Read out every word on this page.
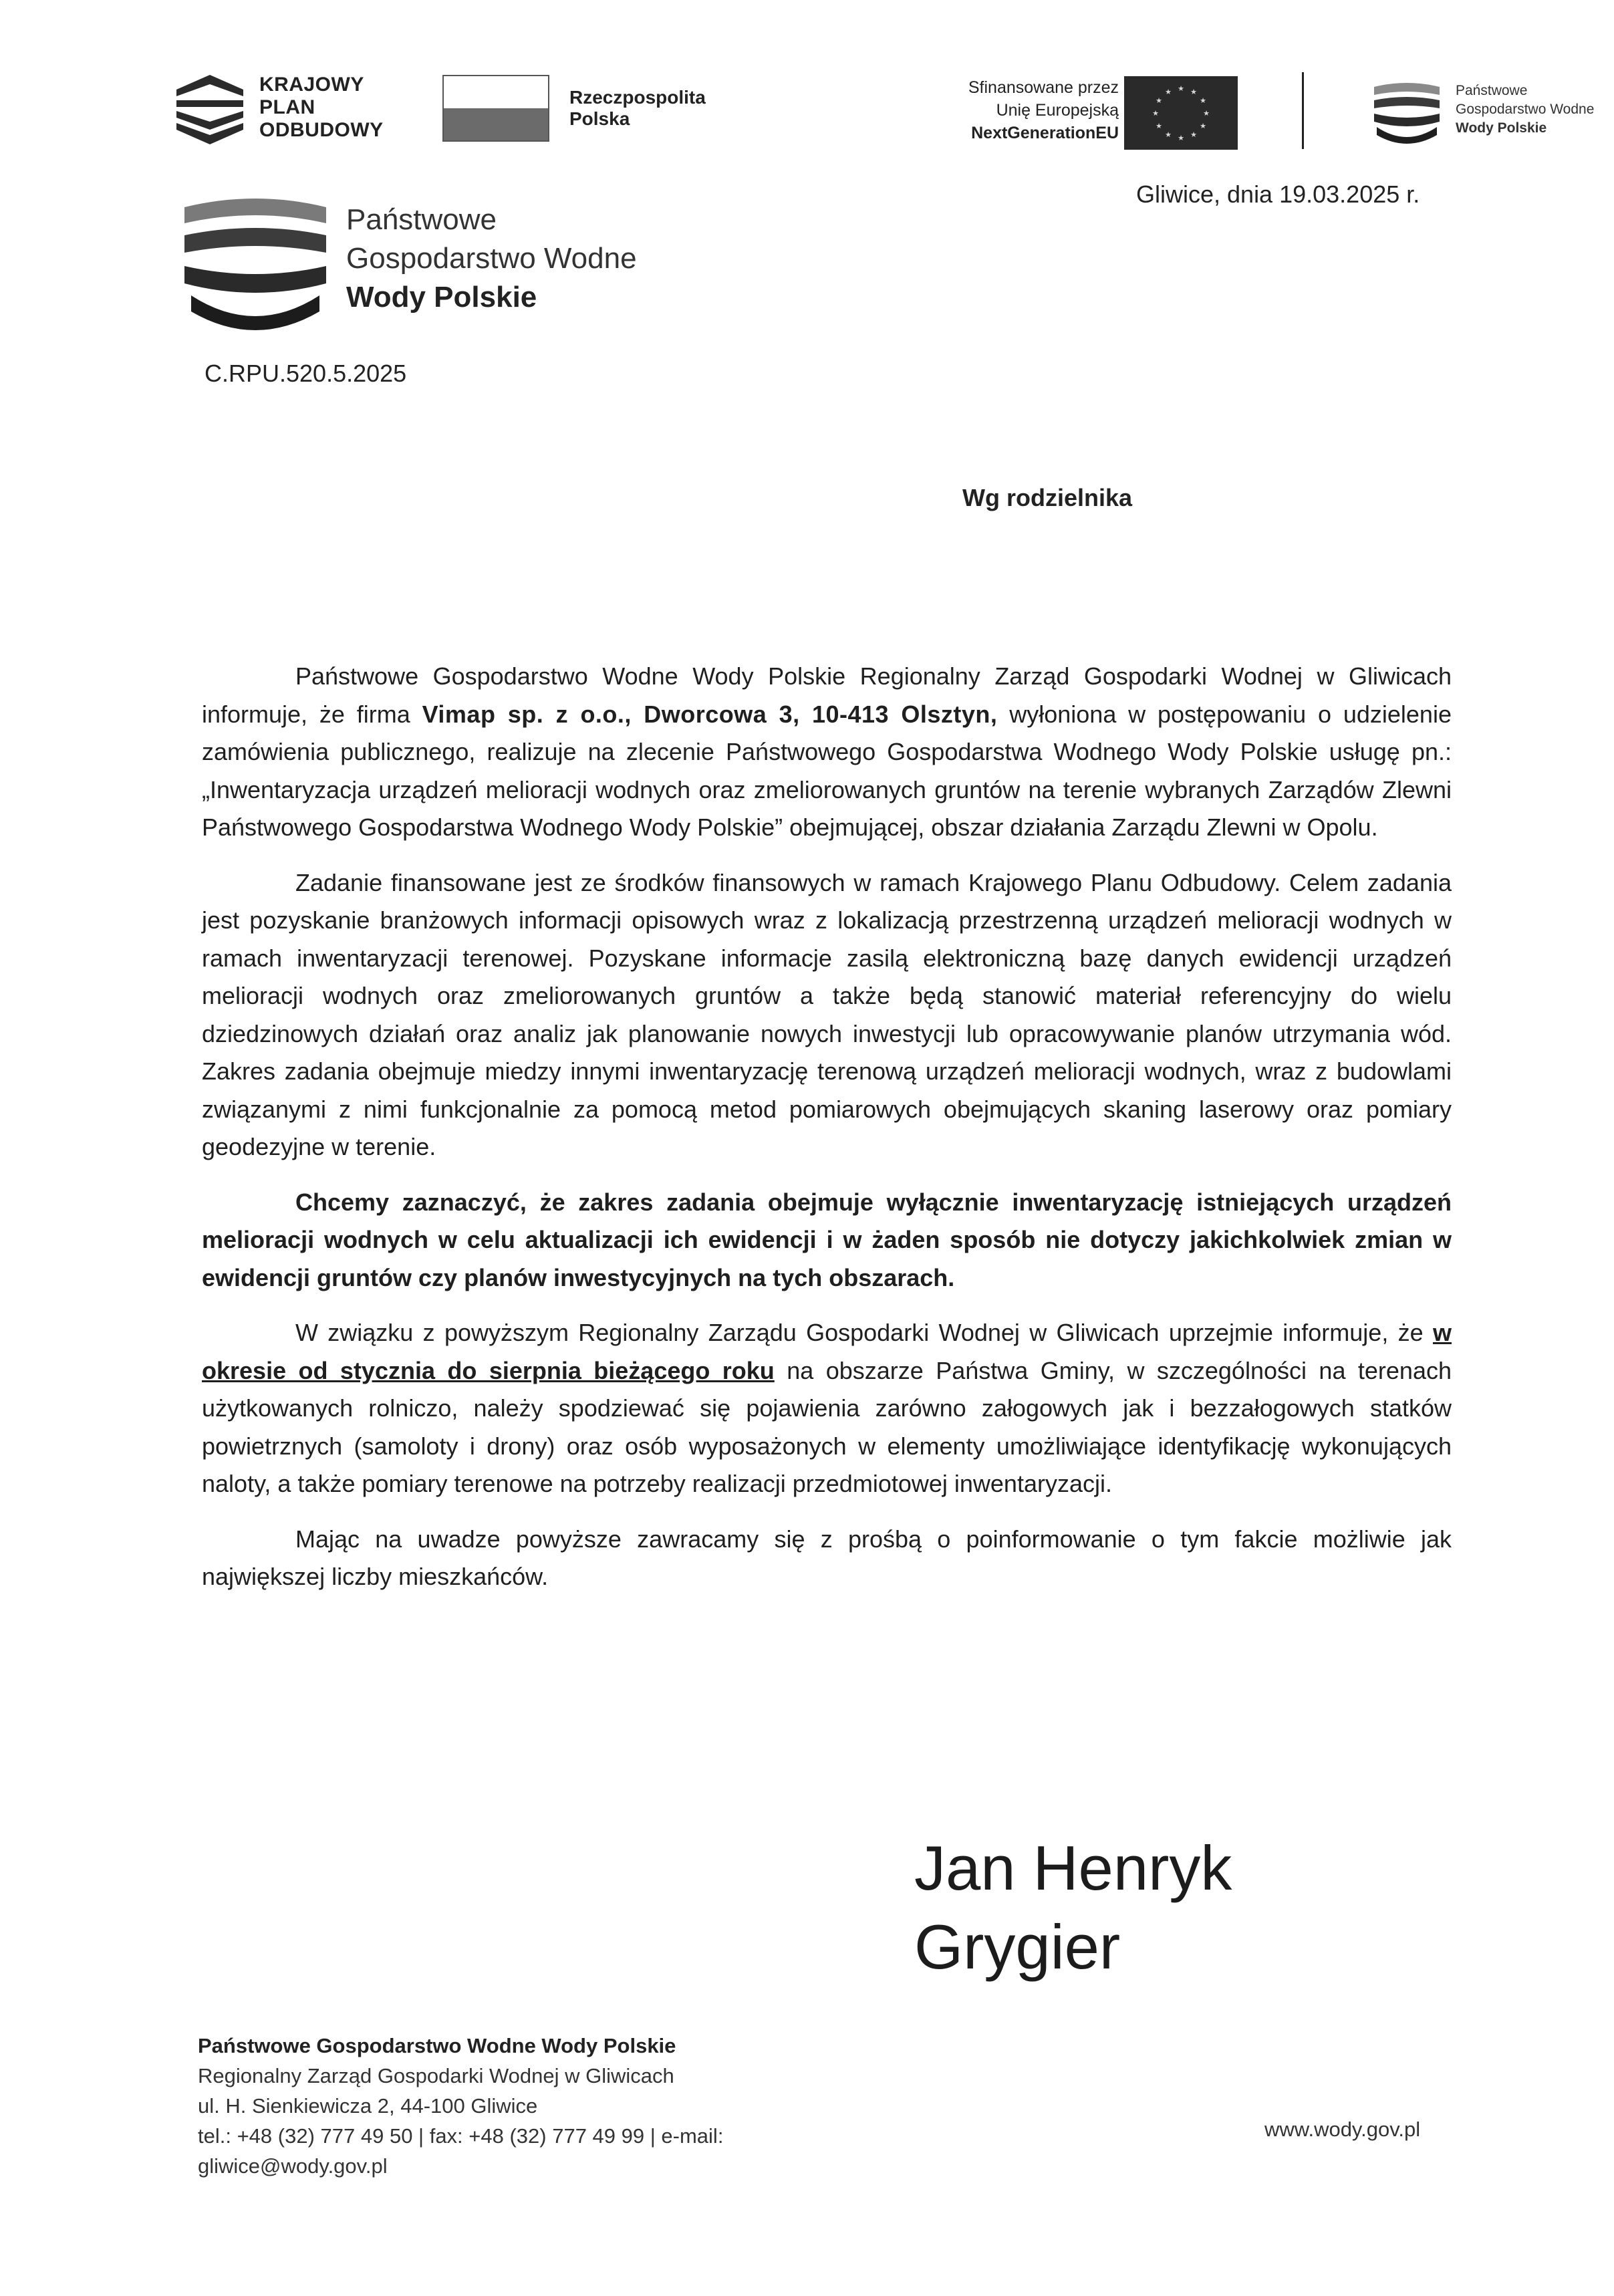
KRAJOWY
PLAN
ODBUDOWY
Rzeczpospolita
Polska
Sfinansowane przez
Unię Europejską
NextGenerationEU
★ ★
★
★
★
★
★
★
★
★
★
★	Państwowe
Gospodarstwo Wodne
Wody Polskie
Państwowe
Gospodarstwo Wodne
Wody Polskie
Gliwice, dnia 19.03.2025 r.
C.RPU.520.5.2025
Wg rodzielnika

Państwowe Gospodarstwo Wodne Wody Polskie Regionalny Zarząd Gospodarki Wodnej w Gliwicach informuje, że firma Vimap sp. z o.o., Dworcowa 3, 10-413 Olsztyn, wyłoniona w postępowaniu o udzielenie zamówienia publicznego, realizuje na zlecenie Państwowego Gospodarstwa Wodnego Wody Polskie usługę pn.: „Inwentaryzacja urządzeń melioracji wodnych oraz zmeliorowanych gruntów na terenie wybranych Zarządów Zlewni Państwowego Gospodarstwa Wodnego Wody Polskie” obejmującej, obszar działania Zarządu Zlewni w Opolu.

Zadanie finansowane jest ze środków finansowych w ramach Krajowego Planu Odbudowy. Celem zadania jest pozyskanie branżowych informacji opisowych wraz z lokalizacją przestrzenną urządzeń melioracji wodnych w ramach inwentaryzacji terenowej. Pozyskane informacje zasilą elektroniczną bazę danych ewidencji urządzeń melioracji wodnych oraz zmeliorowanych gruntów a także będą stanowić materiał referencyjny do wielu dziedzinowych działań oraz analiz jak planowanie nowych inwestycji lub opracowywanie planów utrzymania wód. Zakres zadania obejmuje miedzy innymi inwentaryzację terenową urządzeń melioracji wodnych, wraz z budowlami związanymi z nimi funkcjonalnie za pomocą metod pomiarowych obejmujących skaning laserowy oraz pomiary geodezyjne w terenie.

Chcemy zaznaczyć, że zakres zadania obejmuje wyłącznie inwentaryzację istniejących urządzeń melioracji wodnych w celu aktualizacji ich ewidencji i w żaden sposób nie dotyczy jakichkolwiek zmian w ewidencji gruntów czy planów inwestycyjnych na tych obszarach.

W związku z powyższym Regionalny Zarządu Gospodarki Wodnej w Gliwicach uprzejmie informuje, że w okresie od stycznia do sierpnia bieżącego roku na obszarze Państwa Gminy, w szczególności na terenach użytkowanych rolniczo, należy spodziewać się pojawienia zarówno załogowych jak i bezzałogowych statków powietrznych (samoloty i drony) oraz osób wyposażonych w elementy umożliwiające identyfikację wykonujących naloty, a także pomiary terenowe na potrzeby realizacji przedmiotowej inwentaryzacji.

Mając na uwadze powyższe zawracamy się z prośbą o poinformowanie o tym fakcie możliwie jak największej liczby mieszkańców.

Jan Henryk
Grygier
Państwowe Gospodarstwo Wodne Wody Polskie
Regionalny Zarząd Gospodarki Wodnej w Gliwicach
ul. H. Sienkiewicza 2, 44-100 Gliwice
tel.: +48 (32) 777 49 50 | fax: +48 (32) 777 49 99 | e-mail:
gliwice@wody.gov.pl
www.wody.gov.pl
